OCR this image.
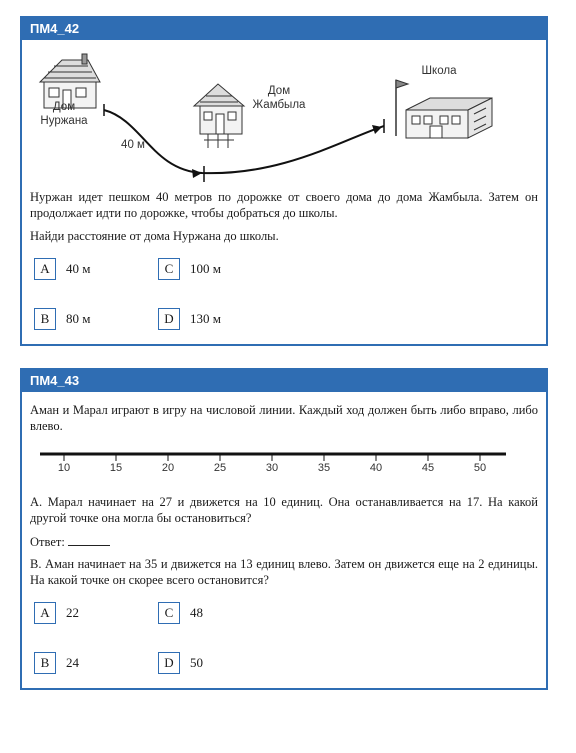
ПМ4_42
Дом
Нуржана
Дом
Жамбыла
Школа
40 м
Нуржан идет пешком 40 метров по дорожке от своего дома до дома Жамбыла. Затем он продолжает идти по дорожке, чтобы добраться до школы.
Найди расстояние от дома Нуржана до школы.
A	40 м	C	100 м
B	80 м	D	130 м
ПМ4_43
Аман и Марал играют в игру на числовой линии. Каждый ход должен быть либо вправо, либо влево.
10	15	20	25	30	35	40	45	50
A. Марал начинает на 27 и движется на 10 единиц. Она останавливается на 17. На какой другой точке она могла бы остановиться?
Ответ:
B. Аман начинает на 35 и движется на 13 единиц влево. Затем он движется еще на 2 единицы. На какой точке он скорее всего остановится?
A	22	C	48
B	24	D	50
